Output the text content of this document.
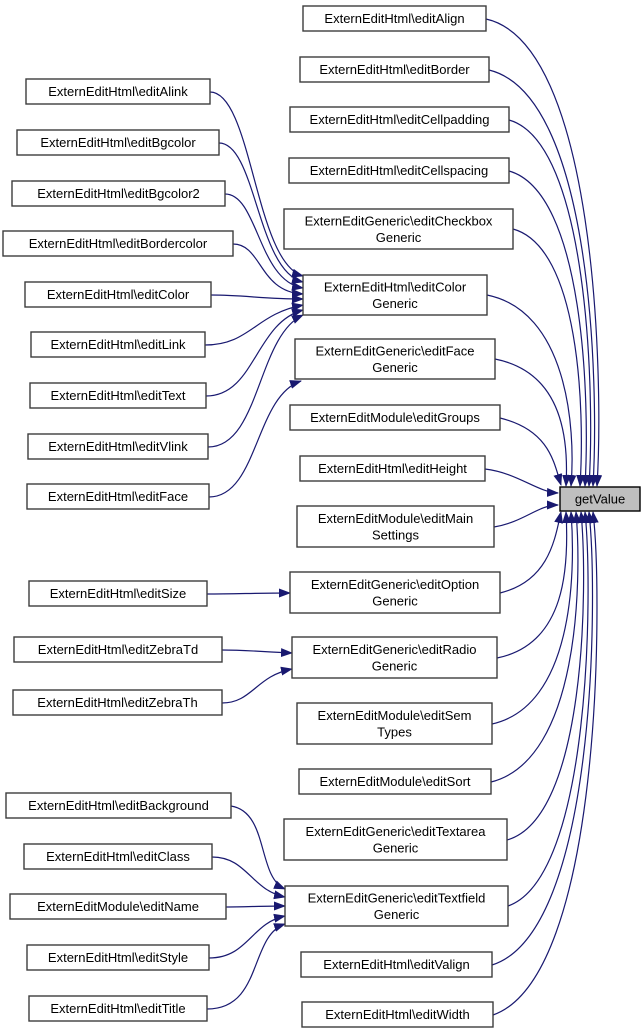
ExternEditHtml\editAlink
ExternEditHtml\editBgcolor
ExternEditHtml\editBgcolor2
ExternEditHtml\editBordercolor
ExternEditHtml\editColor
ExternEditHtml\editLink
ExternEditHtml\editText
ExternEditHtml\editVlink
ExternEditHtml\editFace
ExternEditHtml\editSize
ExternEditHtml\editZebraTd
ExternEditHtml\editZebraTh
ExternEditHtml\editBackground
ExternEditHtml\editClass
ExternEditModule\editName
ExternEditHtml\editStyle
ExternEditHtml\editTitle
ExternEditHtml\editAlign
ExternEditHtml\editBorder
ExternEditHtml\editCellpadding
ExternEditHtml\editCellspacing
ExternEditGeneric\editCheckbox Generic
ExternEditHtml\editColor Generic
ExternEditGeneric\editFace Generic
ExternEditModule\editGroups
ExternEditHtml\editHeight
ExternEditModule\editMain Settings
ExternEditGeneric\editOption Generic
ExternEditGeneric\editRadio Generic
ExternEditModule\editSem Types
ExternEditModule\editSort
ExternEditGeneric\editTextarea Generic
ExternEditGeneric\editTextfield Generic
ExternEditHtml\editValign
ExternEditHtml\editWidth
getValue
